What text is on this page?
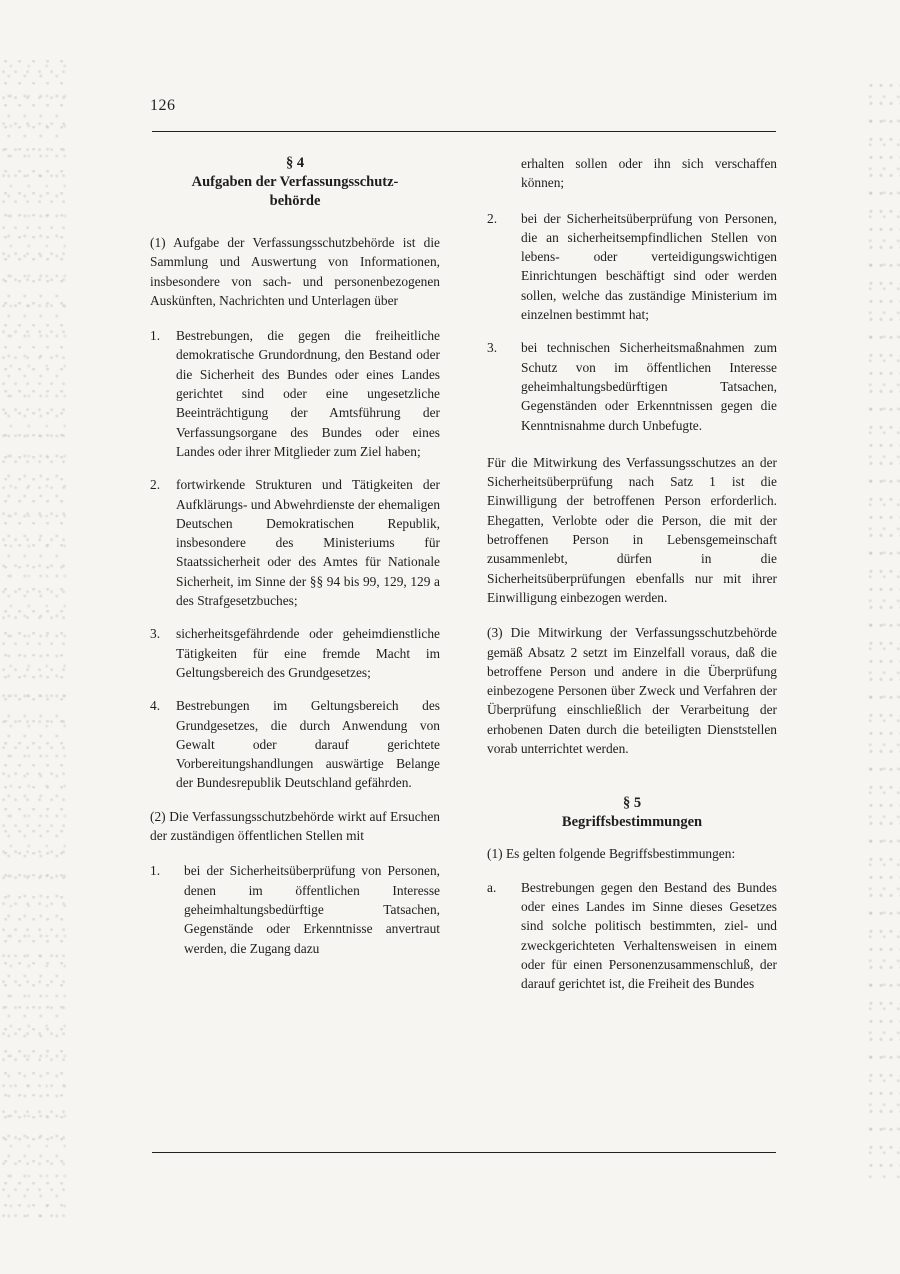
126
§ 4
Aufgaben der Verfassungsschutz-behörde

(1) Aufgabe der Verfassungsschutzbehörde ist die Sammlung und Auswertung von Informationen, insbesondere von sach- und personenbezogenen Auskünften, Nachrichten und Unterlagen über

1.	Bestrebungen, die gegen die freiheitliche demokratische Grundordnung, den Bestand oder die Sicherheit des Bundes oder eines Landes gerichtet sind oder eine ungesetzliche Beeinträchtigung der Amtsführung der Verfassungsorgane des Bundes oder eines Landes oder ihrer Mitglieder zum Ziel haben;
2.	fortwirkende Strukturen und Tätigkeiten der Aufklärungs- und Abwehrdienste der ehemaligen Deutschen Demokratischen Republik, insbesondere des Ministeriums für Staatssicherheit oder des Amtes für Nationale Sicherheit, im Sinne der §§ 94 bis 99, 129, 129 a des Strafgesetzbuches;
3.	sicherheitsgefährdende oder geheimdienstliche Tätigkeiten für eine fremde Macht im Geltungsbereich des Grundgesetzes;
4.	Bestrebungen im Geltungsbereich des Grundgesetzes, die durch Anwendung von Gewalt oder darauf gerichtete Vorbereitungshandlungen auswärtige Belange der Bundesrepublik Deutschland gefährden.

(2) Die Verfassungsschutzbehörde wirkt auf Ersuchen der zuständigen öffentlichen Stellen mit

1.	bei der Sicherheitsüberprüfung von Personen, denen im öffentlichen Interesse geheimhaltungsbedürftige Tatsachen, Gegenstände oder Erkenntnisse anvertraut werden, die Zugang dazu

erhalten sollen oder ihn sich verschaffen können;

2.	bei der Sicherheitsüberprüfung von Personen, die an sicherheitsempfindlichen Stellen von lebens- oder verteidigungswichtigen Einrichtungen beschäftigt sind oder werden sollen, welche das zuständige Ministerium im einzelnen bestimmt hat;
3.	bei technischen Sicherheitsmaßnahmen zum Schutz von im öffentlichen Interesse geheimhaltungsbedürftigen Tatsachen, Gegenständen oder Erkenntnissen gegen die Kenntnisnahme durch Unbefugte.

Für die Mitwirkung des Verfassungsschutzes an der Sicherheitsüberprüfung nach Satz 1 ist die Einwilligung der betroffenen Person erforderlich. Ehegatten, Verlobte oder die Person, die mit der betroffenen Person in Lebensgemeinschaft zusammenlebt, dürfen in die Sicherheitsüberprüfungen ebenfalls nur mit ihrer Einwilligung einbezogen werden.

(3) Die Mitwirkung der Verfassungsschutzbehörde gemäß Absatz 2 setzt im Einzelfall voraus, daß die betroffene Person und andere in die Überprüfung einbezogene Personen über Zweck und Verfahren der Überprüfung einschließlich der Verarbeitung der erhobenen Daten durch die beteiligten Dienststellen vorab unterrichtet werden.

§ 5
Begriffsbestimmungen

(1) Es gelten folgende Begriffsbestimmungen:

a.	Bestrebungen gegen den Bestand des Bundes oder eines Landes im Sinne dieses Gesetzes sind solche politisch bestimmten, ziel- und zweckgerichteten Verhaltensweisen in einem oder für einen Personenzusammenschluß, der darauf gerichtet ist, die Freiheit des Bundes
